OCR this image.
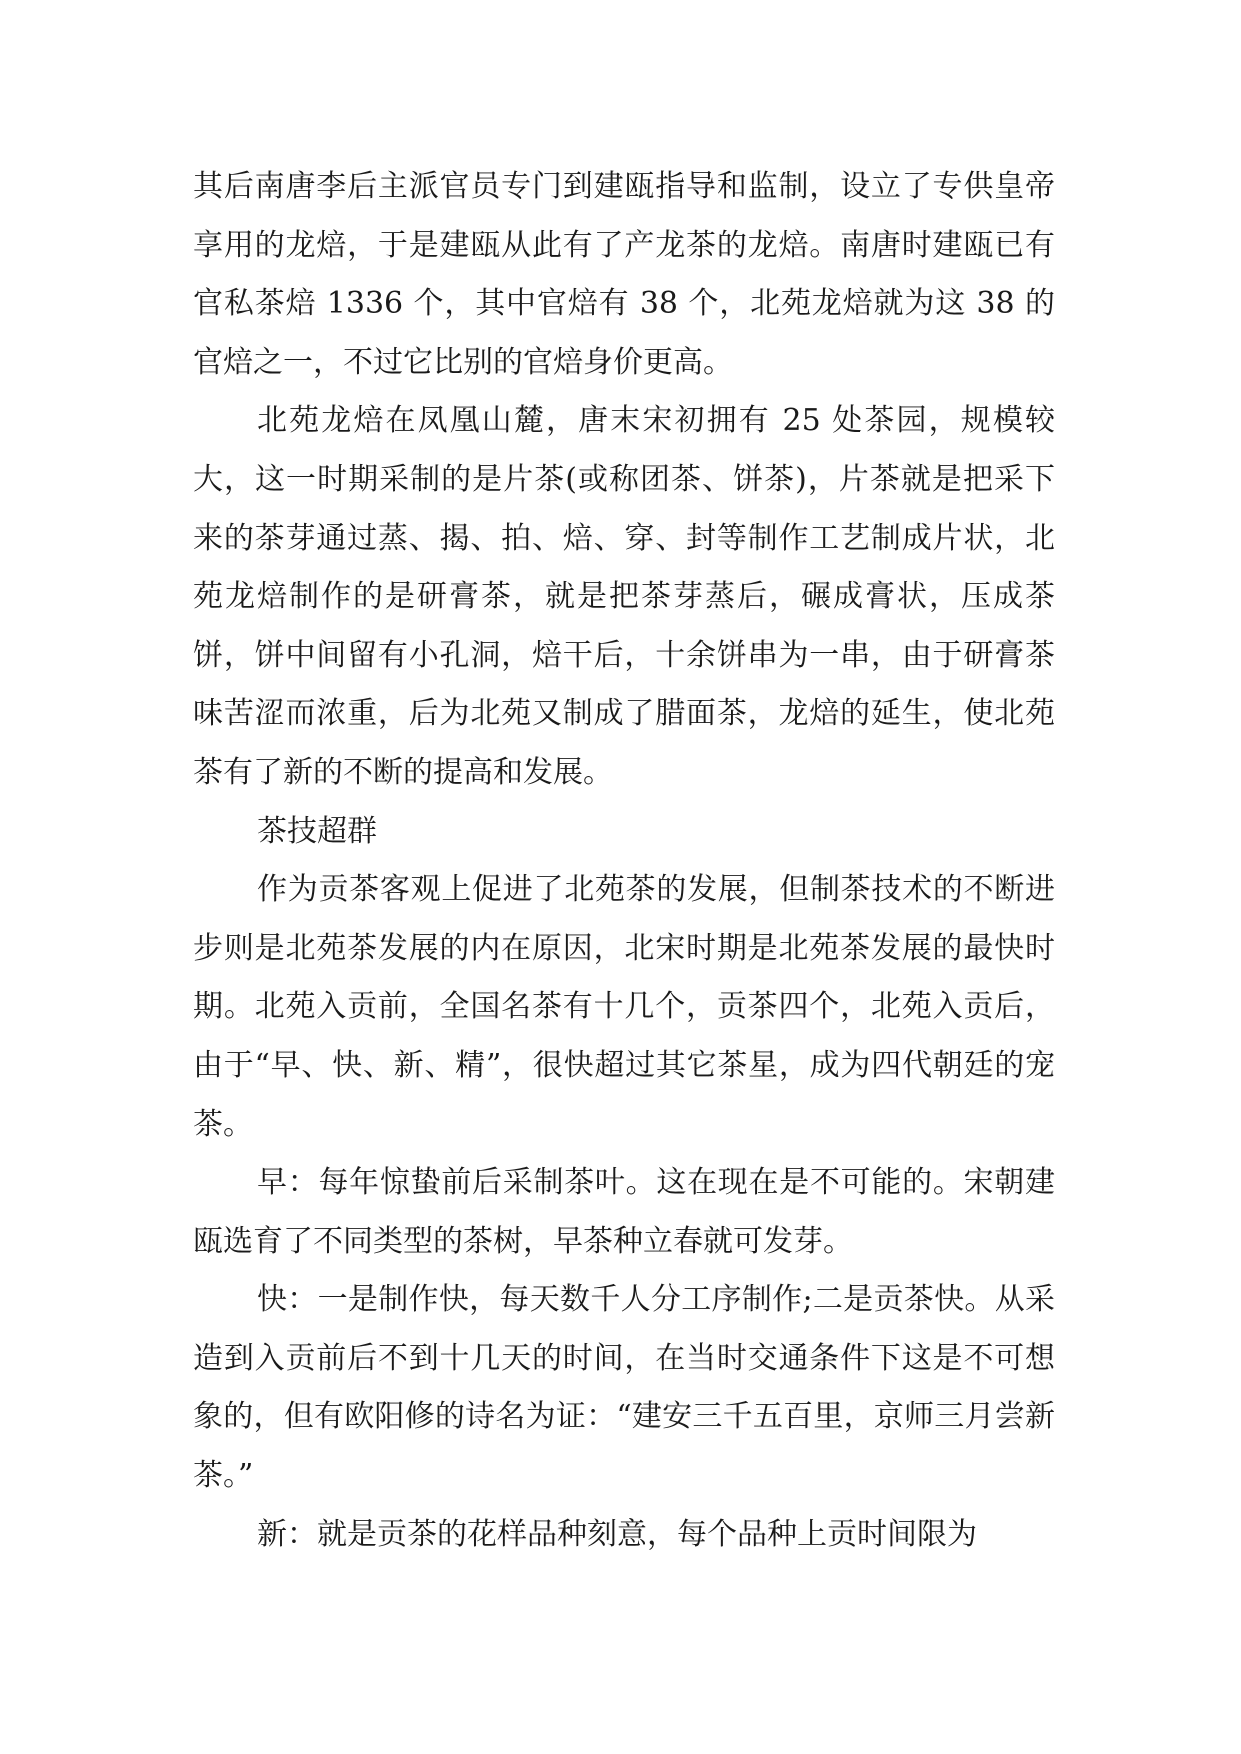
其后南唐李后主派官员专门到建瓯指导和监制，设立了专供皇帝享用的龙焙，于是建瓯从此有了产龙茶的龙焙。南唐时建瓯已有官私茶焙 1336 个，其中官焙有 38 个，北苑龙焙就为这 38 的官焙之一，不过它比别的官焙身价更高。

北苑龙焙在凤凰山麓，唐末宋初拥有 25 处茶园，规模较大，这一时期采制的是片茶(或称团茶、饼茶)，片茶就是把采下来的茶芽通过蒸、揭、拍、焙、穿、封等制作工艺制成片状，北苑龙焙制作的是研膏茶，就是把茶芽蒸后，碾成膏状，压成茶饼，饼中间留有小孔洞，焙干后，十余饼串为一串，由于研膏茶味苦涩而浓重，后为北苑又制成了腊面茶，龙焙的延生，使北苑茶有了新的不断的提高和发展。

茶技超群

作为贡茶客观上促进了北苑茶的发展，但制茶技术的不断进步则是北苑茶发展的内在原因，北宋时期是北苑茶发展的最快时期。北苑入贡前，全国名茶有十几个，贡茶四个，北苑入贡后，由于“早、快、新、精”，很快超过其它茶星，成为四代朝廷的宠茶。

早：每年惊蛰前后采制茶叶。这在现在是不可能的。宋朝建瓯选育了不同类型的茶树，早茶种立春就可发芽。

快：一是制作快，每天数千人分工序制作;二是贡茶快。从采造到入贡前后不到十几天的时间，在当时交通条件下这是不可想象的，但有欧阳修的诗名为证：“建安三千五百里，京师三月尝新茶。”

新：就是贡茶的花样品种刻意，每个品种上贡时间限为
